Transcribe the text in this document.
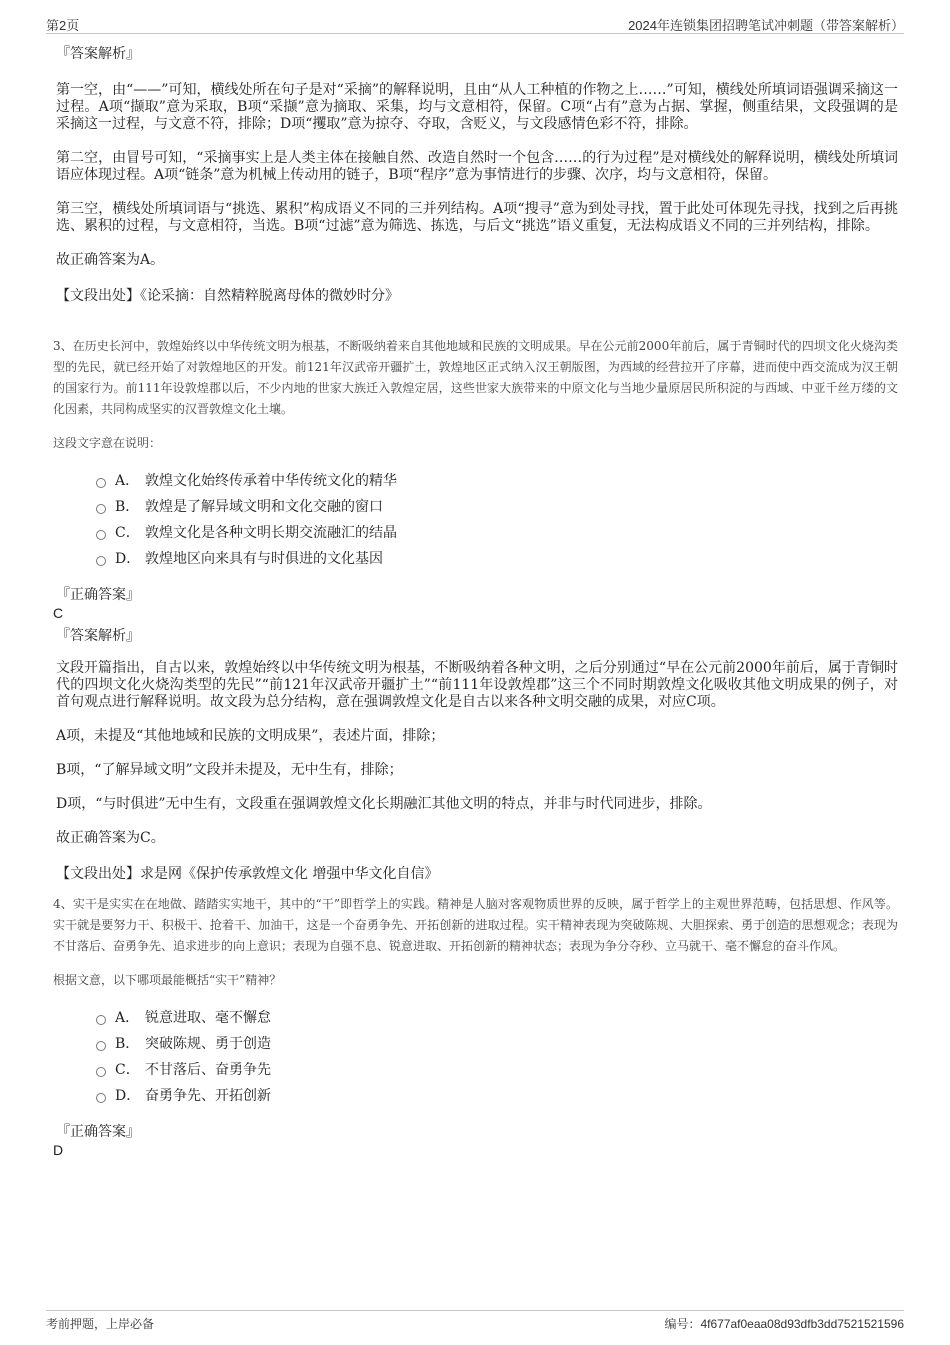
第2页	2024年连锁集团招聘笔试冲刺题（带答案解析）

『答案解析』

第一空，由“——”可知，横线处所在句子是对“采摘”的解释说明，且由“从人工种植的作物之上……”可知，横线处所填词语强调采摘这一过程。A项“撷取”意为采取，B项“采撷”意为摘取、采集，均与文意相符，保留。C项“占有”意为占据、掌握，侧重结果，文段强调的是采摘这一过程，与文意不符，排除；D项“攫取”意为掠夺、夺取，含贬义，与文段感情色彩不符，排除。

第二空，由冒号可知，“采摘事实上是人类主体在接触自然、改造自然时一个包含……的行为过程”是对横线处的解释说明，横线处所填词语应体现过程。A项“链条”意为机械上传动用的链子，B项“程序”意为事情进行的步骤、次序，均与文意相符，保留。

第三空，横线处所填词语与“挑选、累积”构成语义不同的三并列结构。A项“搜寻”意为到处寻找，置于此处可体现先寻找，找到之后再挑选、累积的过程，与文意相符，当选。B项“过滤”意为筛选、拣选，与后文“挑选”语义重复，无法构成语义不同的三并列结构，排除。

故正确答案为A。

【文段出处】《论采摘：自然精粹脱离母体的微妙时分》

3、在历史长河中，敦煌始终以中华传统文明为根基，不断吸纳着来自其他地域和民族的文明成果。早在公元前2000年前后，属于青铜时代的四坝文化火烧沟类型的先民，就已经开始了对敦煌地区的开发。前121年汉武帝开疆扩土，敦煌地区正式纳入汉王朝版图，为西域的经营拉开了序幕，进而使中西交流成为汉王朝的国家行为。前111年设敦煌郡以后，不少内地的世家大族迁入敦煌定居，这些世家大族带来的中原文化与当地少量原居民所积淀的与西域、中亚千丝万缕的文化因素，共同构成坚实的汉晋敦煌文化土壤。

这段文字意在说明：

A． 敦煌文化始终传承着中华传统文化的精华
B． 敦煌是了解异域文明和文化交融的窗口
C． 敦煌文化是各种文明长期交流融汇的结晶
D． 敦煌地区向来具有与时俱进的文化基因

『正确答案』

C

『答案解析』

文段开篇指出，自古以来，敦煌始终以中华传统文明为根基，不断吸纳着各种文明，之后分别通过“早在公元前2000年前后，属于青铜时代的四坝文化火烧沟类型的先民”“前121年汉武帝开疆扩土”“前111年设敦煌郡”这三个不同时期敦煌文化吸收其他文明成果的例子，对首句观点进行解释说明。故文段为总分结构，意在强调敦煌文化是自古以来各种文明交融的成果，对应C项。

A项，未提及“其他地域和民族的文明成果”，表述片面，排除；

B项，“了解异域文明”文段并未提及，无中生有，排除；

D项，“与时俱进”无中生有，文段重在强调敦煌文化长期融汇其他文明的特点，并非与时代同进步，排除。

故正确答案为C。

【文段出处】求是网《保护传承敦煌文化 增强中华文化自信》

4、实干是实实在在地做、踏踏实实地干，其中的“干”即哲学上的实践。精神是人脑对客观物质世界的反映，属于哲学上的主观世界范畴，包括思想、作风等。实干就是要努力干、积极干、抢着干、加油干，这是一个奋勇争先、开拓创新的进取过程。实干精神表现为突破陈规、大胆探索、勇于创造的思想观念；表现为不甘落后、奋勇争先、追求进步的向上意识；表现为自强不息、锐意进取、开拓创新的精神状态；表现为争分夺秒、立马就干、毫不懈怠的奋斗作风。

根据文意，以下哪项最能概括“实干”精神？

A． 锐意进取、毫不懈怠
B． 突破陈规、勇于创造
C． 不甘落后、奋勇争先
D． 奋勇争先、开拓创新

『正确答案』

D

考前押题，上岸必备	编号：4f677af0eaa08d93dfb3dd7521521596
